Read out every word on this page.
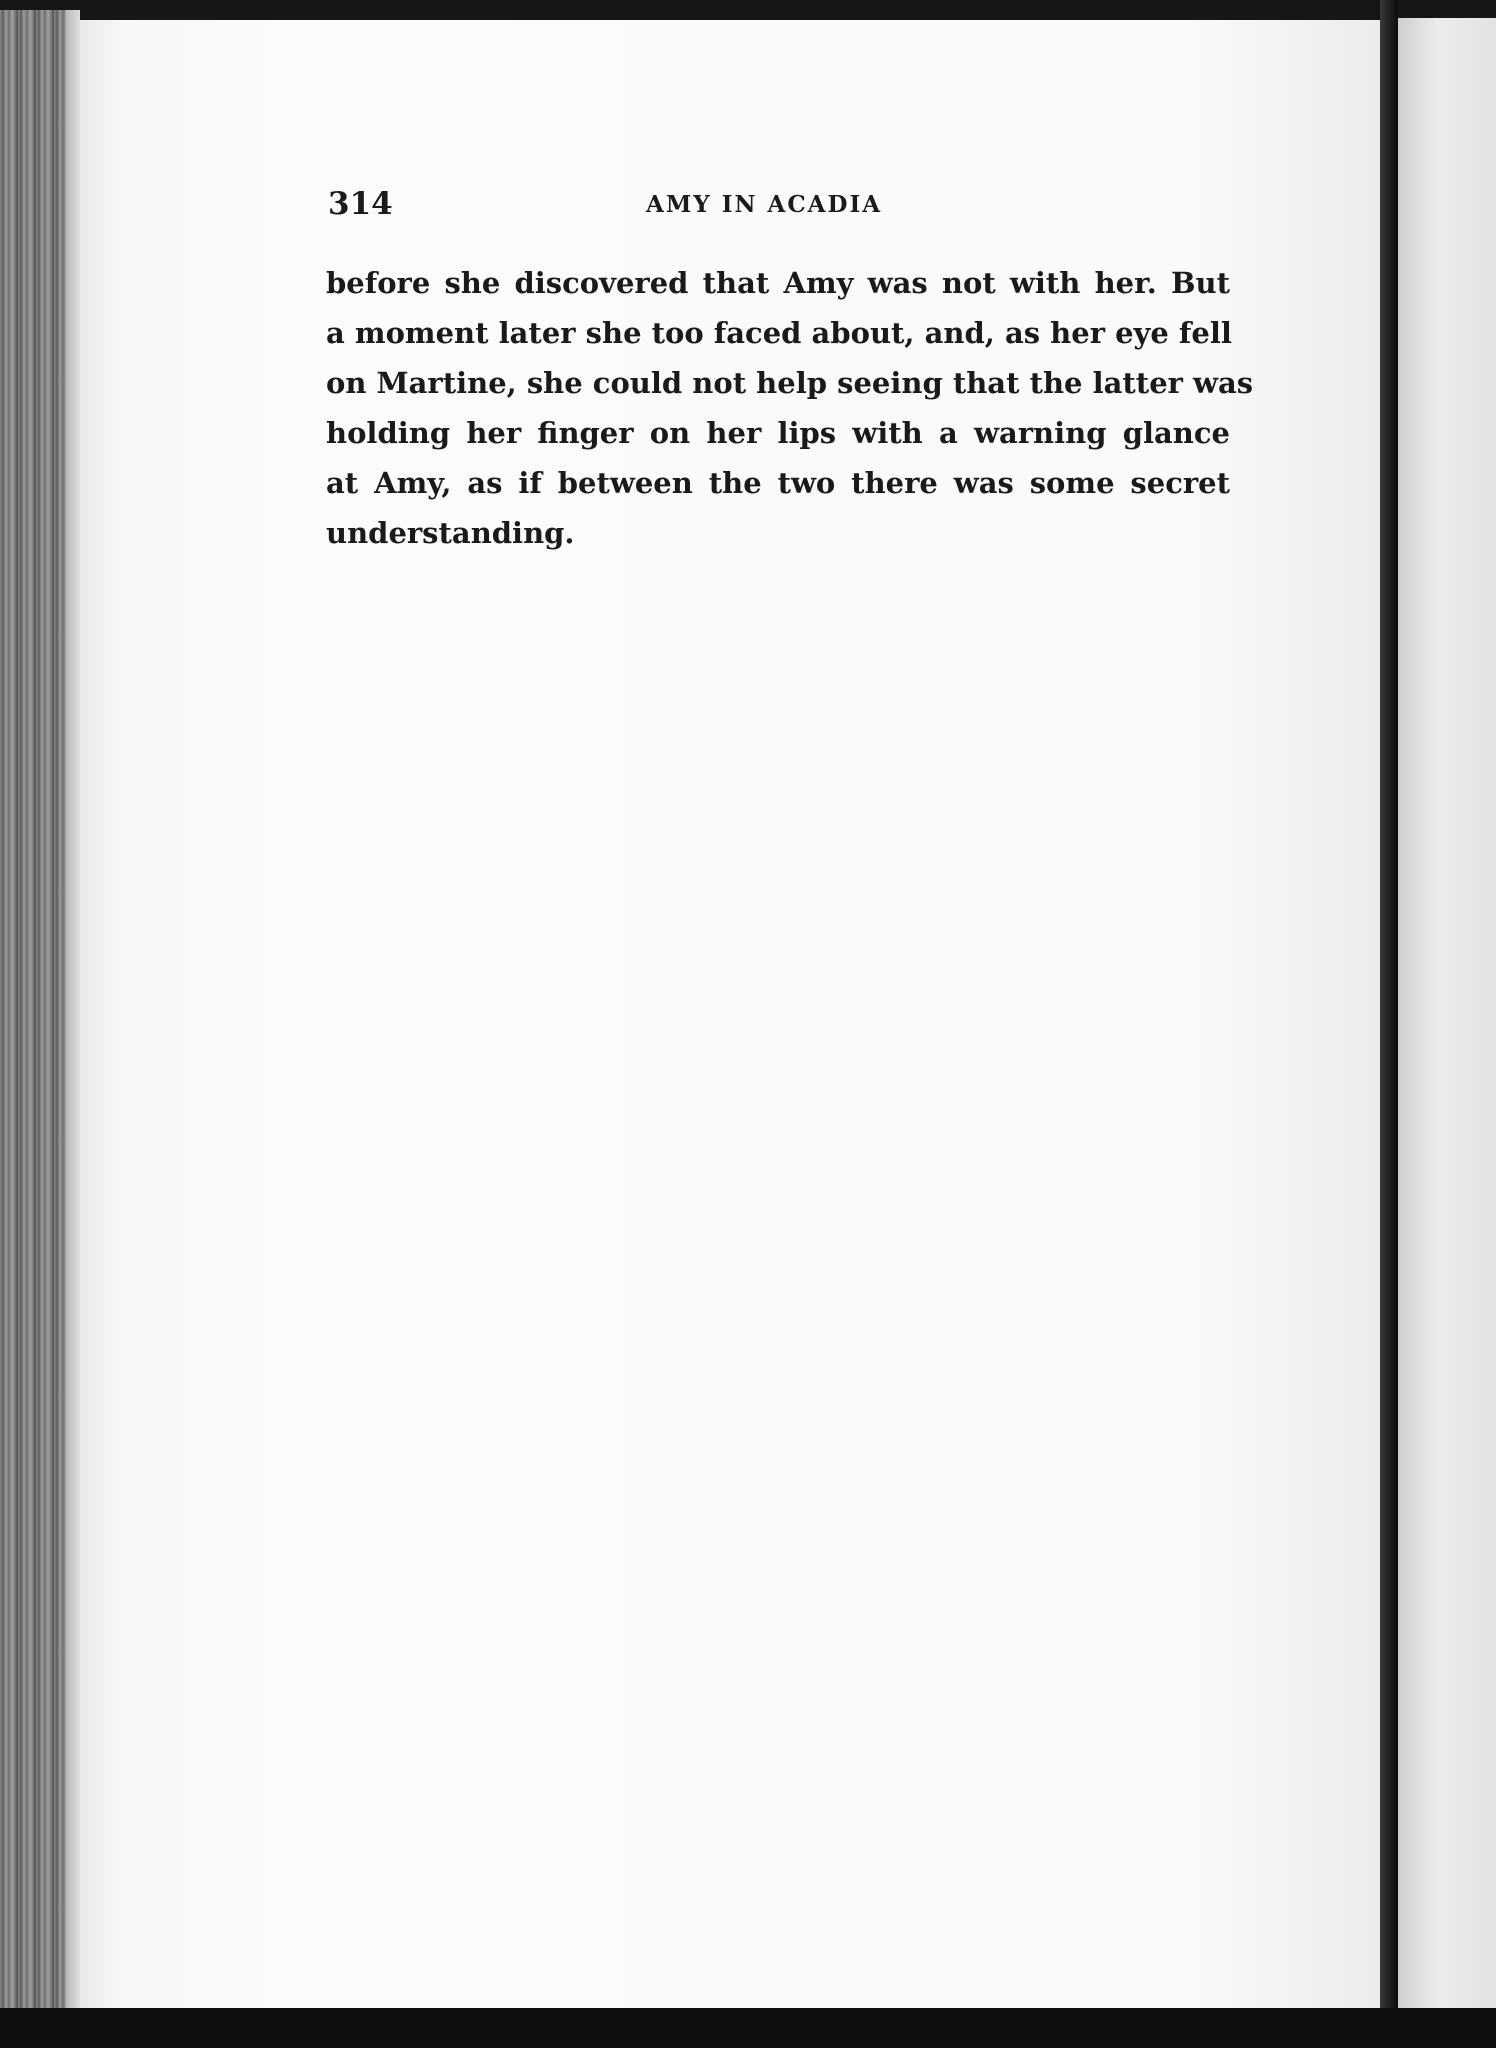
314	AMY IN ACADIA
before she discovered that Amy was not with her. But
a moment later she too faced about, and, as her eye fell
on Martine, she could not help seeing that the latter was
holding her finger on her lips with a warning glance
at Amy, as if between the two there was some secret
understanding.
